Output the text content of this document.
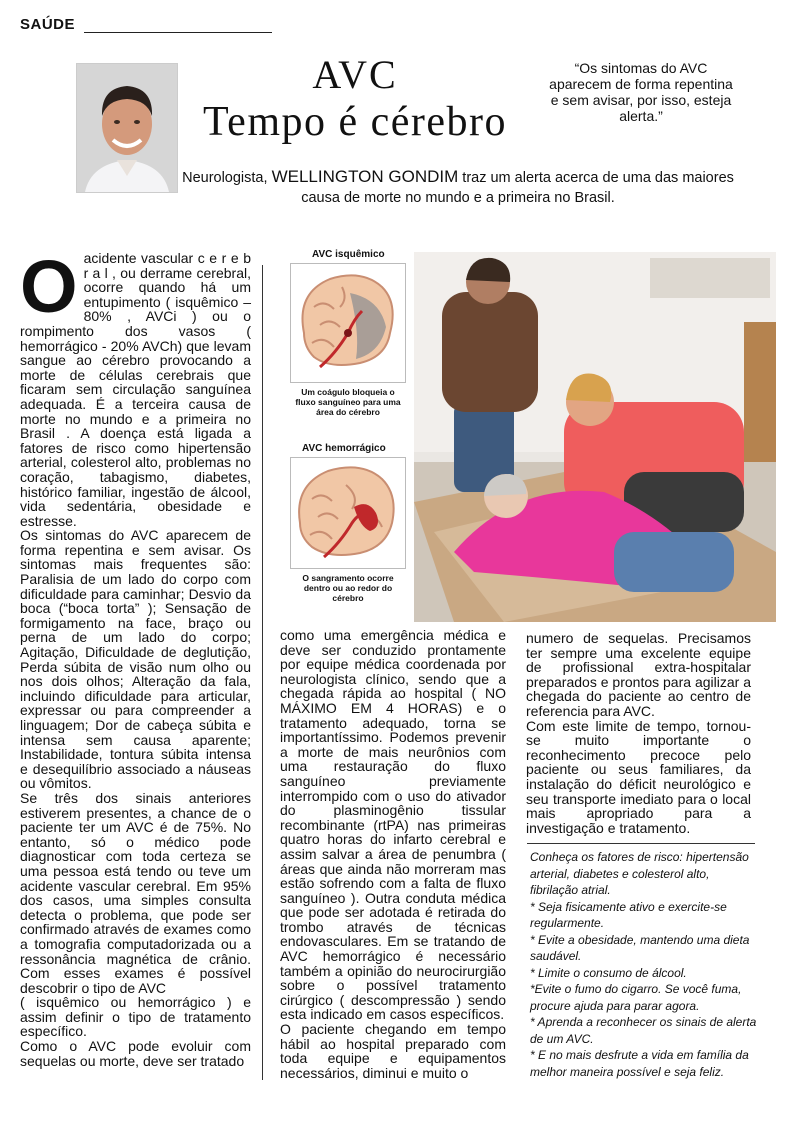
SAÚDE
AVC
Tempo é cérebro
“Os sintomas do AVC aparecem de forma repentina e sem avisar, por isso, esteja alerta.”
Neurologista, WELLINGTON GONDIM traz um alerta acerca de uma das maiores causa de morte no mundo e a primeira no Brasil.
O acidente vascular c e r e b r a l , ou derrame cerebral, ocorre quando há um entupimento ( isquêmico – 80% , AVCi ) ou o rompimento dos vasos ( hemorrágico - 20% AVCh) que levam sangue ao cérebro provocando a morte de células cerebrais que ficaram sem circulação sanguínea adequada. É a terceira causa de morte no mundo e a primeira no Brasil . A doença está ligada a fatores de risco como hipertensão arterial, colesterol alto, problemas no coração, tabagismo, diabetes, histórico familiar, ingestão de álcool, vida sedentária, obesidade e estresse.

Os sintomas do AVC aparecem de forma repentina e sem avisar. Os sintomas mais frequentes são: Paralisia de um lado do corpo com dificuldade para caminhar; Desvio da boca (“boca torta” ); Sensação de formigamento na face, braço ou perna de um lado do corpo; Agitação, Dificuldade de deglutição, Perda súbita de visão num olho ou nos dois olhos; Alteração da fala, incluindo dificuldade para articular, expressar ou para compreender a linguagem; Dor de cabeça súbita e intensa sem causa aparente; Instabilidade, tontura súbita intensa e desequilíbrio associado a náuseas ou vômitos.

Se três dos sinais anteriores estiverem presentes, a chance de o paciente ter um AVC é de 75%. No entanto, só o médico pode diagnosticar com toda certeza se uma pessoa está tendo ou teve um acidente vascular cerebral. Em 95% dos casos, uma simples consulta detecta o problema, que pode ser confirmado através de exames como a tomografia computadorizada ou a ressonância magnética de crânio. Com esses exames é possível descobrir o tipo de AVC

( isquêmico ou hemorrágico ) e assim definir o tipo de tratamento específico.

Como o AVC pode evoluir com sequelas ou morte, deve ser tratado

AVC isquêmico
Um coágulo bloqueia o fluxo sanguíneo para uma área do cérebro
AVC hemorrágico
O sangramento ocorre dentro ou ao redor do cérebro

como uma emergência médica e deve ser conduzido prontamente por equipe médica coordenada por neurologista clínico, sendo que a chegada rápida ao hospital ( NO MÁXIMO EM 4 HORAS) e o tratamento adequado, torna se importantíssimo. Podemos prevenir a morte de mais neurônios com uma restauração do fluxo sanguíneo previamente interrompido com o uso do ativador do plasminogênio tissular recombinante (rtPA) nas primeiras quatro horas do infarto cerebral e assim salvar a área de penumbra ( áreas que ainda não morreram mas estão sofrendo com a falta de fluxo sanguíneo ). Outra conduta médica que pode ser adotada é retirada do trombo através de técnicas endovasculares. Em se tratando de AVC hemorrágico é necessário também a opinião do neurocirurgião sobre o possível tratamento cirúrgico ( descompressão ) sendo esta indicado em casos específicos.

O paciente chegando em tempo hábil ao hospital preparado com toda equipe e equipamentos necessários, diminui e muito o

numero de sequelas. Precisamos ter sempre uma excelente equipe de profissional extra-hospitalar preparados e prontos para agilizar a chegada do paciente ao centro de referencia para AVC.

Com este limite de tempo, tornou-se muito importante o reconhecimento precoce pelo paciente ou seus familiares, da instalação do déficit neurológico e seu transporte imediato para o local mais apropriado para a investigação e tratamento.

Conheça os fatores de risco: hipertensão arterial, diabetes e colesterol alto, fibrilação atrial.

* Seja fisicamente ativo e exercite-se regularmente.

* Evite a obesidade, mantendo uma dieta saudável.

* Limite o consumo de álcool.

*Evite o fumo do cigarro. Se você fuma, procure ajuda para parar agora.

* Aprenda a reconhecer os sinais de alerta de um AVC.

* E no mais desfrute a vida em família da melhor maneira possível e seja feliz.
